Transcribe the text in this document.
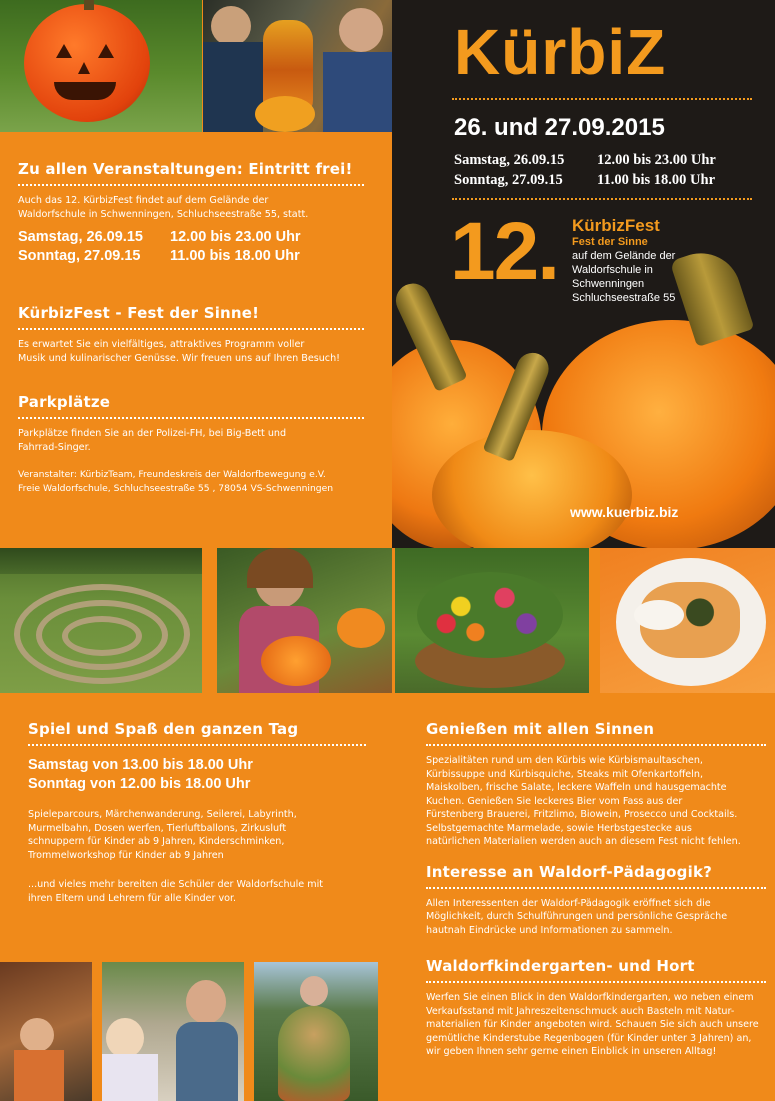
Zu allen Veranstaltungen: Eintritt frei!
Auch das 12. KürbizFest findet auf dem Gelände der
Waldorfschule in Schwenningen, Schluchseestraße 55, statt.
Samstag, 26.09.15	12.00 bis 23.00 Uhr
Sonntag, 27.09.15	11.00 bis 18.00 Uhr
KürbizFest - Fest der Sinne!
Es erwartet Sie ein vielfältiges, attraktives Programm voller
Musik und kulinarischer Genüsse. Wir freuen uns auf Ihren Besuch!
Parkplätze
Parkplätze finden Sie an der Polizei-FH, bei Big-Bett und
Fahrrad-Singer.
Veranstalter: KürbizTeam, Freundeskreis der Waldorfbewegung e.V.
Freie Waldorfschule, Schluchseestraße 55 , 78054 VS-Schwenningen
KürbiZ
26. und 27.09.2015
Samstag, 26.09.15	12.00 bis 23.00 Uhr
Sonntag, 27.09.15	11.00 bis 18.00 Uhr
12. KürbizFest
Fest der Sinne
auf dem Gelände der
Waldorfschule in
Schwenningen
Schluchseestraße 55
www.kuerbiz.biz
Spiel und Spaß den ganzen Tag
Samstag von 13.00 bis 18.00 Uhr
Sonntag von 12.00 bis 18.00 Uhr
Spieleparcours, Märchenwanderung, Seilerei, Labyrinth,
Murmelbahn, Dosen werfen, Tierluftballons, Zirkusluft
schnuppern für Kinder ab 9 Jahren, Kinderschminken,
Trommelworkshop für Kinder ab 9 Jahren
...und vieles mehr bereiten die Schüler der Waldorfschule mit
ihren Eltern und Lehrern für alle Kinder vor.
Genießen mit allen Sinnen
Spezialitäten rund um den Kürbis wie Kürbismaultaschen,
Kürbissuppe und Kürbisquiche, Steaks mit Ofenkartoffeln,
Maiskolben, frische Salate, leckere Waffeln und hausgemachte
Kuchen. Genießen Sie leckeres Bier vom Fass aus der
Fürstenberg Brauerei, Fritzlimo, Biowein, Prosecco und Cocktails.
Selbstgemachte Marmelade, sowie Herbstgestecke aus
natürlichen Materialien werden auch an diesem Fest nicht fehlen.
Interesse an Waldorf-Pädagogik?
Allen Interessenten der Waldorf-Pädagogik eröffnet sich die
Möglichkeit, durch Schulführungen und persönliche Gespräche
hautnah Eindrücke und Informationen zu sammeln.
Waldorfkindergarten- und Hort
Werfen Sie einen Blick in den Waldorfkindergarten, wo neben einem
Verkaufsstand mit Jahreszeitenschmuck auch Basteln mit Natur-
materialien für Kinder angeboten wird. Schauen Sie sich auch unsere
gemütliche Kinderstube Regenbogen (für Kinder unter 3 Jahren) an,
wir geben Ihnen sehr gerne einen Einblick in unseren Alltag!
